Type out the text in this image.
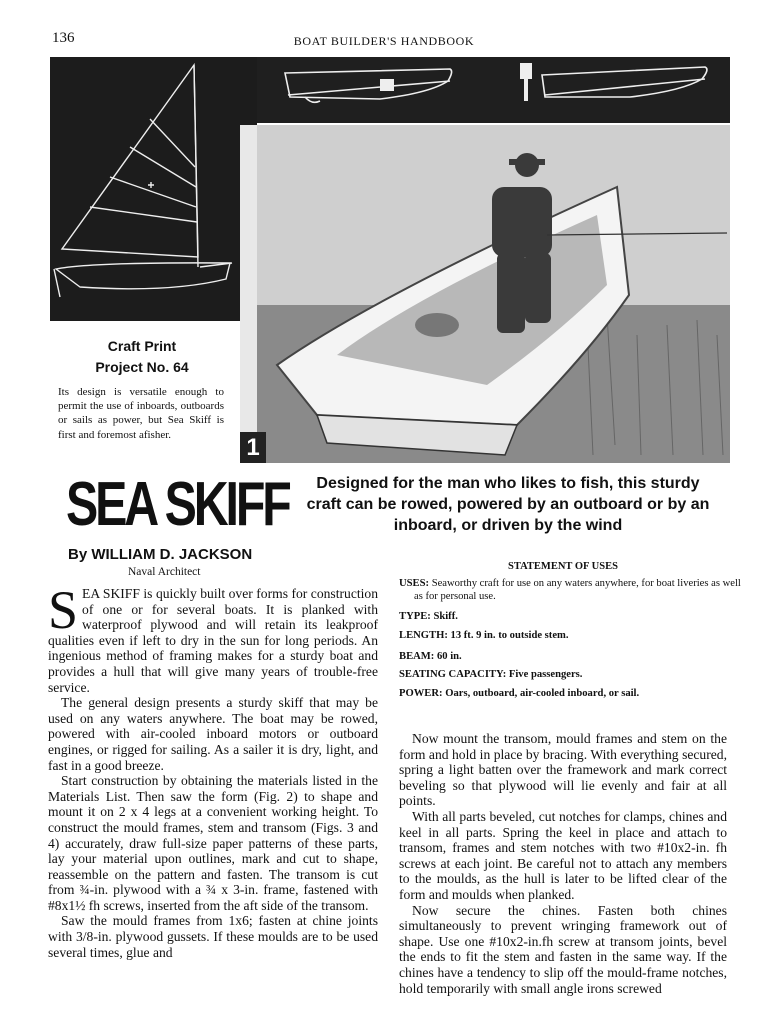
136	BOAT BUILDER'S HANDBOOK
1
Craft Print
Project No. 64
Its design is versatile enough to permit the use of inboards, outboards or sails as power, but Sea Skiff is first and foremost afisher.
SEA SKIFF	Designed for the man who likes to fish, this sturdy craft can be rowed, powered by an outboard or by an inboard, or driven by the wind
By WILLIAM D. JACKSON
Naval Architect

SEA SKIFF is quickly built over forms for construction of one or for several boats. It is planked with waterproof plywood and will retain its leakproof qualities even if left to dry in the sun for long periods. An ingenious method of framing makes for a sturdy boat and provides a hull that will give many years of trouble-free service.

The general design presents a sturdy skiff that may be used on any waters anywhere. The boat may be rowed, powered with air-cooled inboard motors or outboard engines, or rigged for sailing. As a sailer it is dry, light, and fast in a good breeze.

Start construction by obtaining the materials listed in the Materials List. Then saw the form (Fig. 2) to shape and mount it on 2 x 4 legs at a convenient working height. To construct the mould frames, stem and transom (Figs. 3 and 4) accurately, draw full-size paper patterns of these parts, lay your material upon outlines, mark and cut to shape, reassemble on the pattern and fasten. The transom is cut from ¾-in. plywood with a ¾ x 3-in. frame, fastened with #8x1½ fh screws, inserted from the aft side of the transom.

Saw the mould frames from 1x6; fasten at chine joints with 3/8-in. plywood gussets. If these moulds are to be used several times, glue and

STATEMENT OF USES
USES: Seaworthy craft for use on any waters anywhere, for boat liveries as well as for personal use.
TYPE: Skiff.
LENGTH: 13 ft. 9 in. to outside stem.
BEAM: 60 in.
SEATING CAPACITY: Five passengers.
POWER: Oars, outboard, air-cooled inboard, or sail.

Now mount the transom, mould frames and stem on the form and hold in place by bracing. With everything secured, spring a light batten over the framework and mark correct beveling so that plywood will lie evenly and fair at all points.

With all parts beveled, cut notches for clamps, chines and keel in all parts. Spring the keel in place and attach to transom, frames and stem notches with two #10x2-in. fh screws at each joint. Be careful not to attach any members to the moulds, as the hull is later to be lifted clear of the form and moulds when planked.

Now secure the chines. Fasten both chines simultaneously to prevent wringing framework out of shape. Use one #10x2-in.fh screw at transom joints, bevel the ends to fit the stem and fasten in the same way. If the chines have a tendency to slip off the mould-frame notches, hold temporarily with small angle irons screwed
